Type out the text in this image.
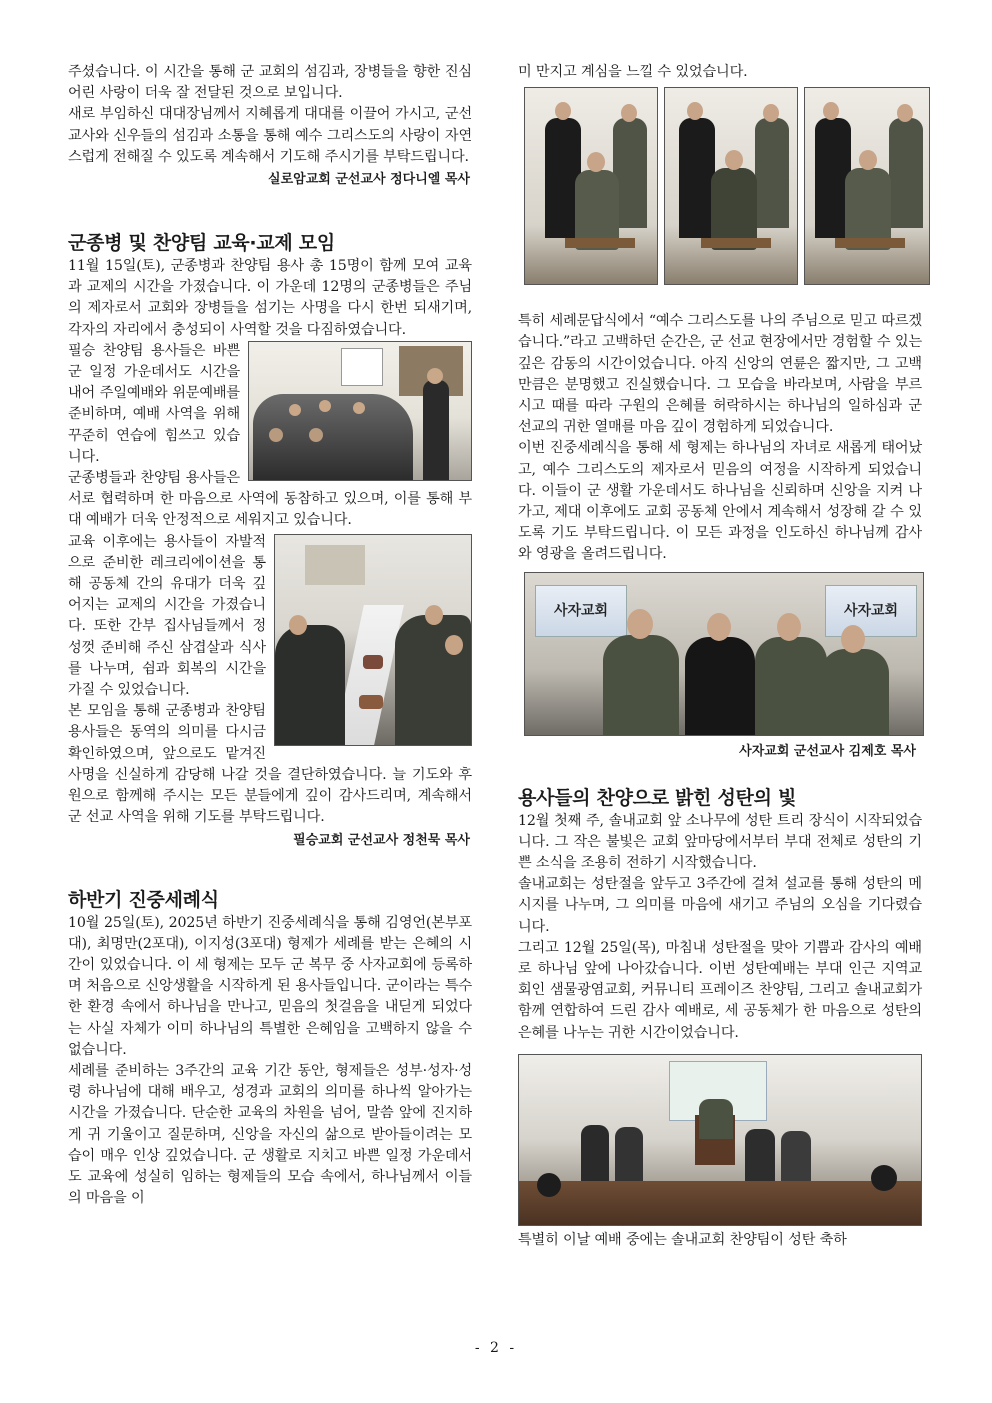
주셨습니다. 이 시간을 통해 군 교회의 섬김과, 장병들을 향한 진심 어린 사랑이 더욱 잘 전달된 것으로 보입니다.

새로 부임하신 대대장님께서 지혜롭게 대대를 이끌어 가시고, 군선교사와 신우들의 섬김과 소통을 통해 예수 그리스도의 사랑이 자연스럽게 전해질 수 있도록 계속해서 기도해 주시기를 부탁드립니다.

실로암교회 군선교사 정다니엘 목사
군종병 및 찬양팀 교육·교제 모임

11월 15일(토), 군종병과 찬양팀 용사 총 15명이 함께 모여 교육과 교제의 시간을 가졌습니다. 이 가운데 12명의 군종병들은 주님의 제자로서 교회와 장병들을 섬기는 사명을 다시 한번 되새기며, 각자의 자리에서 충성되이 사역할 것을 다짐하였습니다.

필승 찬양팀 용사들은 바쁜 군 일정 가운데서도 시간을 내어 주일예배와 위문예배를 준비하며, 예배 사역을 위해 꾸준히 연습에 힘쓰고 있습니다.

군종병들과 찬양팀 용사들은 서로 협력하며 한 마음으로 사역에 동참하고 있으며, 이를 통해 부대 예배가 더욱 안정적으로 세워지고 있습니다.

교육 이후에는 용사들이 자발적으로 준비한 레크리에이션을 통해 공동체 간의 유대가 더욱 깊어지는 교제의 시간을 가졌습니다. 또한 간부 집사님들께서 정성껏 준비해 주신 삼겹살과 식사를 나누며, 쉼과 회복의 시간을 가질 수 있었습니다.

본 모임을 통해 군종병과 찬양팀 용사들은 동역의 의미를 다시금 확인하였으며, 앞으로도 맡겨진 사명을 신실하게 감당해 나갈 것을 결단하였습니다. 늘 기도와 후원으로 함께해 주시는 모든 분들에게 깊이 감사드리며, 계속해서 군 선교 사역을 위해 기도를 부탁드립니다.

필승교회 군선교사 정천묵 목사
하반기 진중세례식

10월 25일(토), 2025년 하반기 진중세례식을 통해 김영언(본부포대), 최명만(2포대), 이지성(3포대) 형제가 세례를 받는 은혜의 시간이 있었습니다. 이 세 형제는 모두 군 복무 중 사자교회에 등록하며 처음으로 신앙생활을 시작하게 된 용사들입니다. 군이라는 특수한 환경 속에서 하나님을 만나고, 믿음의 첫걸음을 내딛게 되었다는 사실 자체가 이미 하나님의 특별한 은혜임을 고백하지 않을 수 없습니다.

세례를 준비하는 3주간의 교육 기간 동안, 형제들은 성부·성자·성령 하나님에 대해 배우고, 성경과 교회의 의미를 하나씩 알아가는 시간을 가졌습니다. 단순한 교육의 차원을 넘어, 말씀 앞에 진지하게 귀 기울이고 질문하며, 신앙을 자신의 삶으로 받아들이려는 모습이 매우 인상 깊었습니다. 군 생활로 지치고 바쁜 일정 가운데서도 교육에 성실히 임하는 형제들의 모습 속에서, 하나님께서 이들의 마음을 이

미 만지고 계심을 느낄 수 있었습니다.

특히 세례문답식에서 “예수 그리스도를 나의 주님으로 믿고 따르겠습니다.”라고 고백하던 순간은, 군 선교 현장에서만 경험할 수 있는 깊은 감동의 시간이었습니다. 아직 신앙의 연륜은 짧지만, 그 고백만큼은 분명했고 진실했습니다. 그 모습을 바라보며, 사람을 부르시고 때를 따라 구원의 은혜를 허락하시는 하나님의 일하심과 군 선교의 귀한 열매를 마음 깊이 경험하게 되었습니다.

이번 진중세례식을 통해 세 형제는 하나님의 자녀로 새롭게 태어났고, 예수 그리스도의 제자로서 믿음의 여정을 시작하게 되었습니다. 이들이 군 생활 가운데서도 하나님을 신뢰하며 신앙을 지켜 나가고, 제대 이후에도 교회 공동체 안에서 계속해서 성장해 갈 수 있도록 기도 부탁드립니다. 이 모든 과정을 인도하신 하나님께 감사와 영광을 올려드립니다.

사자교회	사자교회
사자교회 군선교사 김제호 목사
용사들의 찬양으로 밝힌 성탄의 빛

12월 첫째 주, 솔내교회 앞 소나무에 성탄 트리 장식이 시작되었습니다. 그 작은 불빛은 교회 앞마당에서부터 부대 전체로 성탄의 기쁜 소식을 조용히 전하기 시작했습니다.

솔내교회는 성탄절을 앞두고 3주간에 걸쳐 설교를 통해 성탄의 메시지를 나누며, 그 의미를 마음에 새기고 주님의 오심을 기다렸습니다.

그리고 12월 25일(목), 마침내 성탄절을 맞아 기쁨과 감사의 예배로 하나님 앞에 나아갔습니다. 이번 성탄예배는 부대 인근 지역교회인 샘물광염교회, 커뮤니티 프레이즈 찬양팀, 그리고 솔내교회가 함께 연합하여 드린 감사 예배로, 세 공동체가 한 마음으로 성탄의 은혜를 나누는 귀한 시간이었습니다.

특별히 이날 예배 중에는 솔내교회 찬양팀이 성탄 축하

- 2 -
